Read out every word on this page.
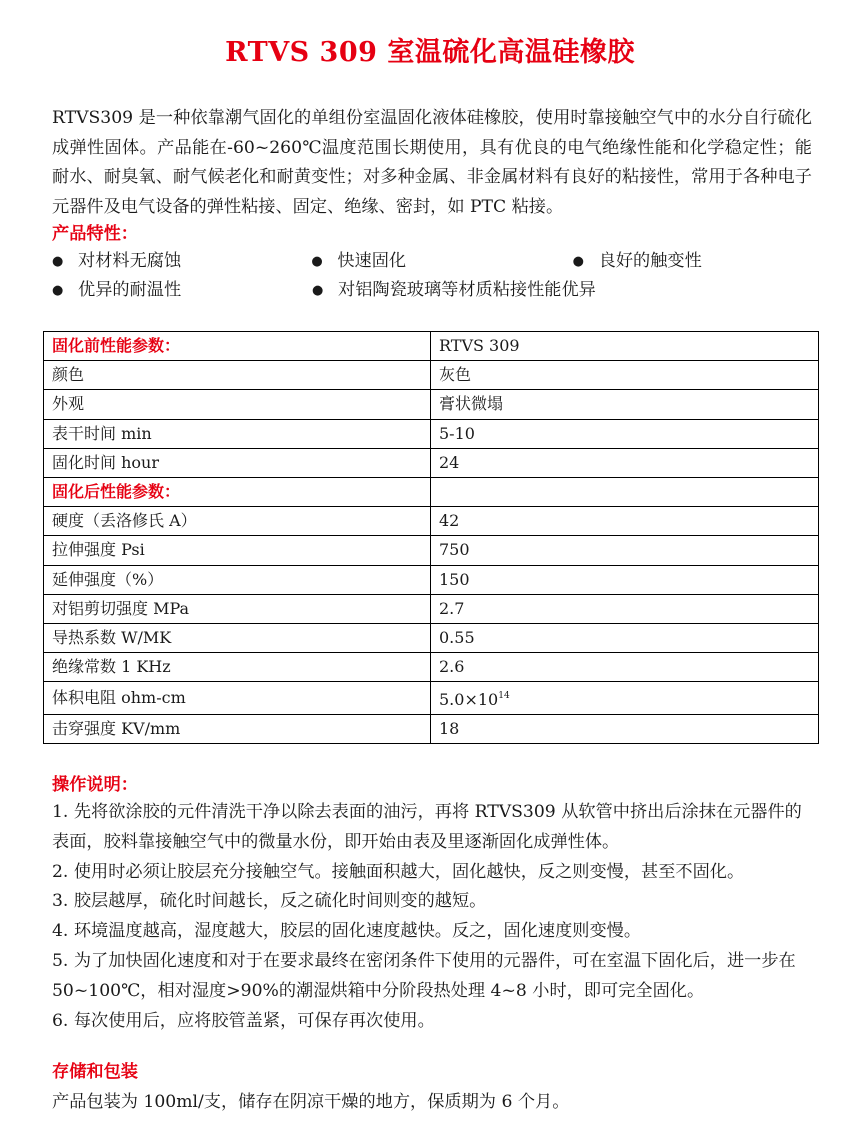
RTVS 309 室温硫化高温硅橡胶

RTVS309 是一种依靠潮气固化的单组份室温固化液体硅橡胶，使用时靠接触空气中的水分自行硫化成弹性固体。产品能在-60~260℃温度范围长期使用，具有优良的电气绝缘性能和化学稳定性；能耐水、耐臭氧、耐气候老化和耐黄变性；对多种金属、非金属材料有良好的粘接性，常用于各种电子元器件及电气设备的弹性粘接、固定、绝缘、密封，如 PTC 粘接。

产品特性：
● 对材料无腐蚀	● 快速固化	● 良好的触变性
● 优异的耐温性	● 对铝陶瓷玻璃等材质粘接性能优异
固化前性能参数：	RTVS 309
颜色	灰色
外观	膏状微塌
表干时间 min	5-10
固化时间 hour	24
固化后性能参数：	
硬度（丢洛修氏 A）	42
拉伸强度 Psi	750
延伸强度（%）	150
对铝剪切强度 MPa	2.7
导热系数 W/MK	0.55
绝缘常数 1 KHz	2.6
体积电阻 ohm-cm	$5.0\times 10^{14}$
击穿强度 KV/mm	18
操作说明：
1. 先将欲涂胶的元件清洗干净以除去表面的油污，再将 RTVS309 从软管中挤出后涂抹在元器件的表面，胶料靠接触空气中的微量水份，即开始由表及里逐渐固化成弹性体。
2. 使用时必须让胶层充分接触空气。接触面积越大，固化越快，反之则变慢，甚至不固化。
3. 胶层越厚，硫化时间越长，反之硫化时间则变的越短。
4. 环境温度越高，湿度越大，胶层的固化速度越快。反之，固化速度则变慢。
5. 为了加快固化速度和对于在要求最终在密闭条件下使用的元器件，可在室温下固化后，进一步在 50~100℃，相对湿度>90%的潮湿烘箱中分阶段热处理 4~8 小时，即可完全固化。
6. 每次使用后，应将胶管盖紧，可保存再次使用。
存储和包装
产品包装为 100ml/支，储存在阴凉干燥的地方，保质期为 6 个月。
